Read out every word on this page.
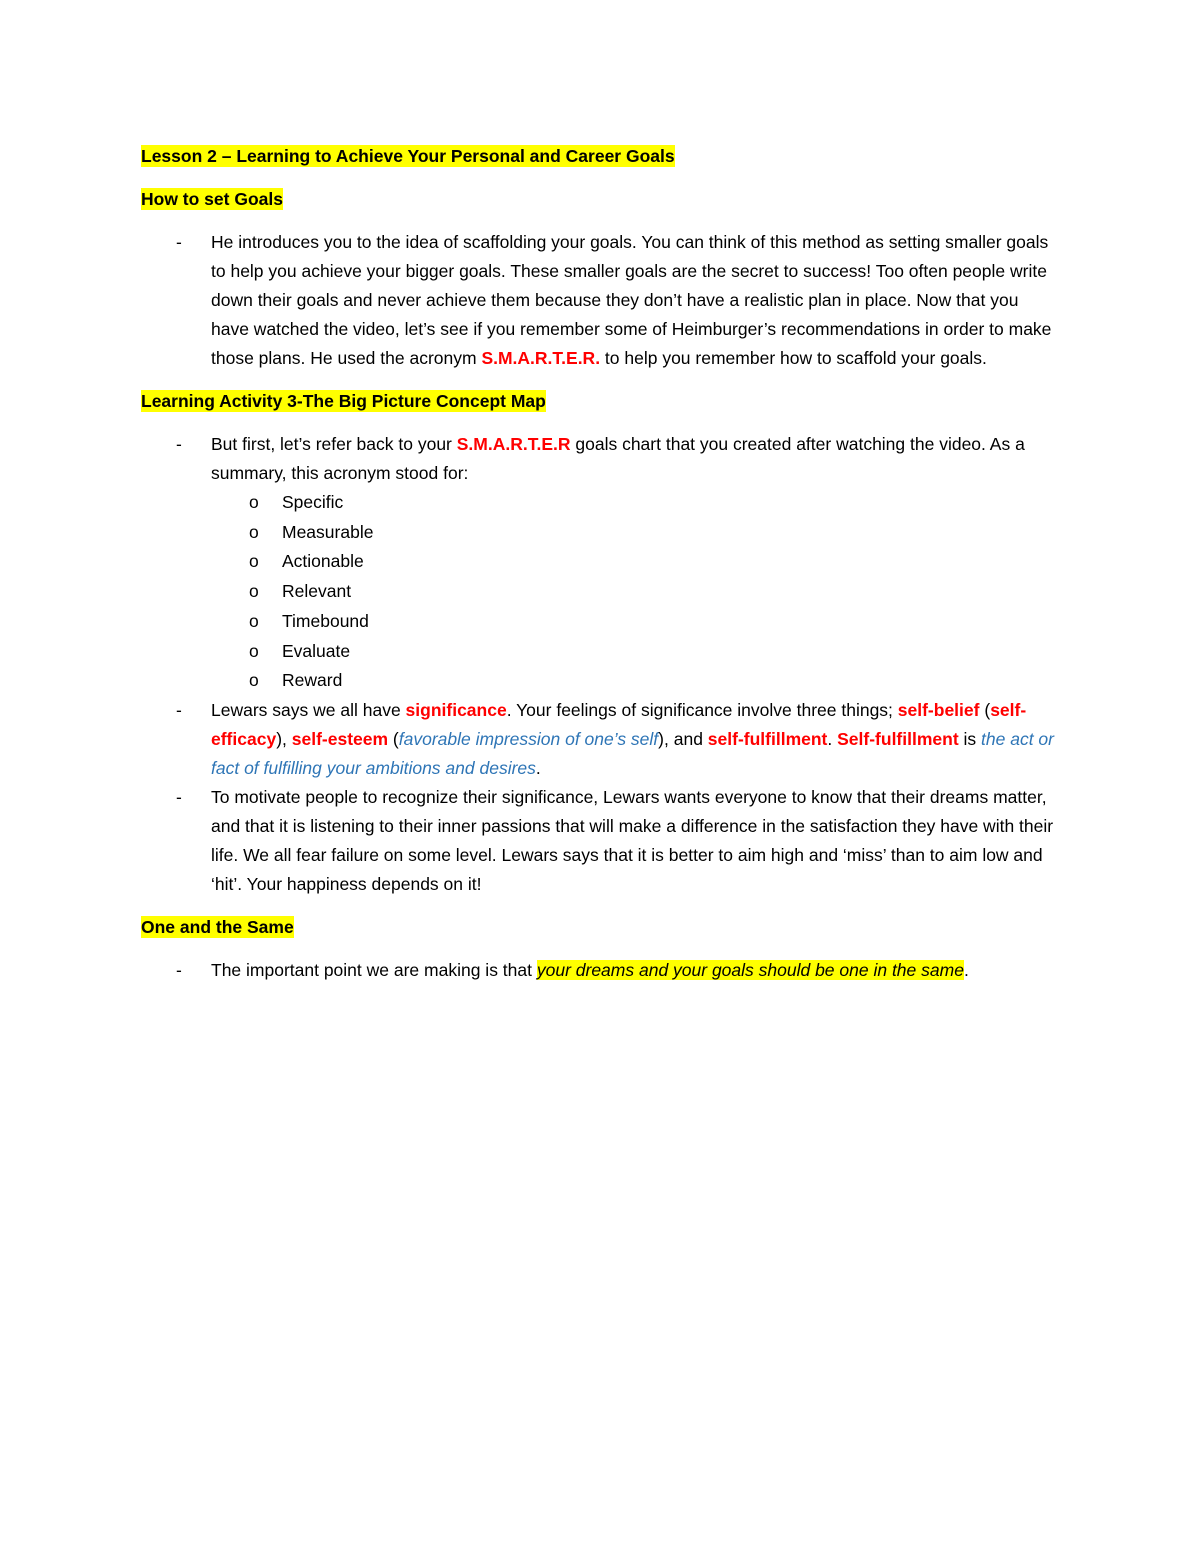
Lesson 2 – Learning to Achieve Your Personal and Career Goals

How to set Goals

- He introduces you to the idea of scaffolding your goals. You can think of this method as setting smaller goals to help you achieve your bigger goals. These smaller goals are the secret to success! Too often people write down their goals and never achieve them because they don’t have a realistic plan in place. Now that you have watched the video, let’s see if you remember some of Heimburger’s recommendations in order to make those plans. He used the acronym S.M.A.R.T.E.R. to help you remember how to scaffold your goals.

Learning Activity 3-The Big Picture Concept Map

- But first, let’s refer back to your S.M.A.R.T.E.R goals chart that you created after watching the video. As a summary, this acronym stood for:
o Specific
o Measurable
o Actionable
o Relevant
o Timebound
o Evaluate
o Reward
- Lewars says we all have significance. Your feelings of significance involve three things; self-belief (self-efficacy), self-esteem (favorable impression of one’s self), and self-fulfillment. Self-fulfillment is the act or fact of fulfilling your ambitions and desires.
- To motivate people to recognize their significance, Lewars wants everyone to know that their dreams matter, and that it is listening to their inner passions that will make a difference in the satisfaction they have with their life. We all fear failure on some level. Lewars says that it is better to aim high and ‘miss’ than to aim low and ‘hit’. Your happiness depends on it!

One and the Same

- The important point we are making is that your dreams and your goals should be one in the same.
